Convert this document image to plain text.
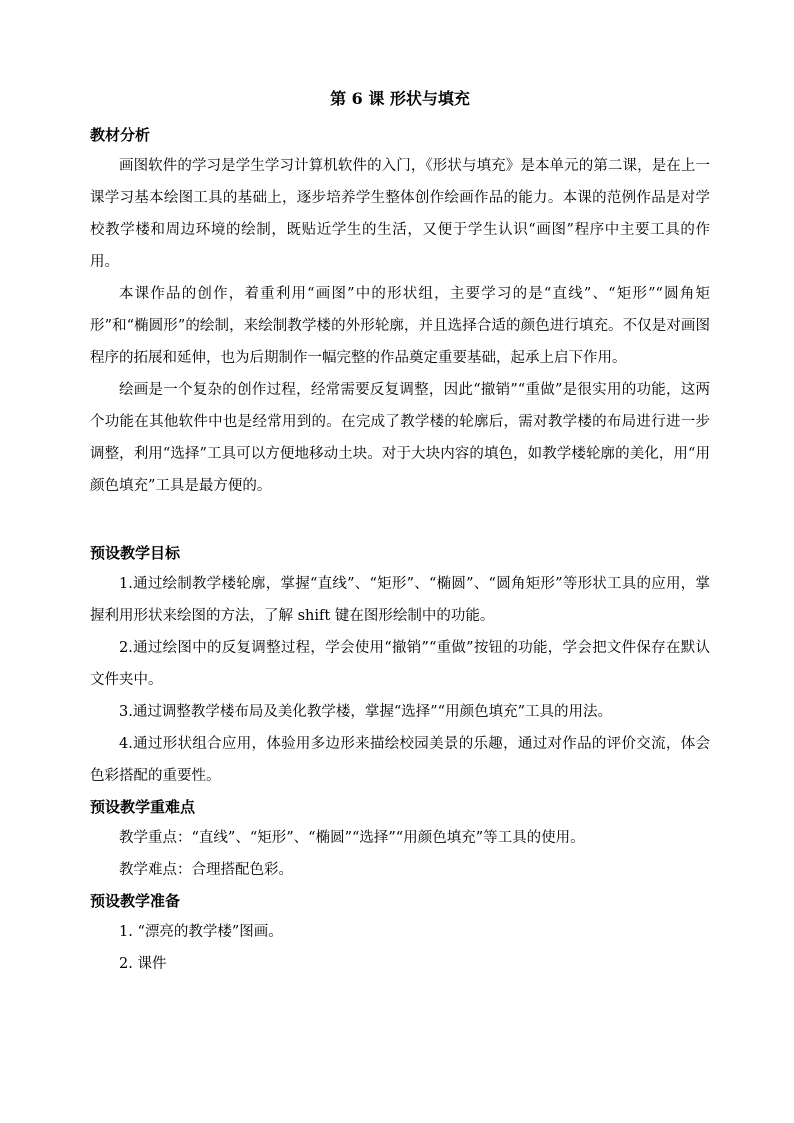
第 6 课 形状与填充
教材分析

画图软件的学习是学生学习计算机软件的入门，《形状与填充》是本单元的第二课，是在上一课学习基本绘图工具的基础上，逐步培养学生整体创作绘画作品的能力。本课的范例作品是对学校教学楼和周边环境的绘制，既贴近学生的生活，又便于学生认识“画图”程序中主要工具的作用。

本课作品的创作，着重利用“画图”中的形状组，主要学习的是“直线”、“矩形”“圆角矩形”和“椭圆形”的绘制，来绘制教学楼的外形轮廓，并且选择合适的颜色进行填充。不仅是对画图程序的拓展和延伸，也为后期制作一幅完整的作品奠定重要基础，起承上启下作用。

绘画是一个复杂的创作过程，经常需要反复调整，因此“撤销”“重做”是很实用的功能，这两个功能在其他软件中也是经常用到的。在完成了教学楼的轮廓后，需对教学楼的布局进行进一步调整，利用“选择”工具可以方便地移动土块。对于大块内容的填色，如教学楼轮廓的美化，用“用颜色填充”工具是最方便的。

预设教学目标

1.通过绘制教学楼轮廓，掌握“直线”、“矩形”、“椭圆”、“圆角矩形”等形状工具的应用，掌握利用形状来绘图的方法，了解 shift 键在图形绘制中的功能。

2.通过绘图中的反复调整过程，学会使用“撤销”“重做”按钮的功能，学会把文件保存在默认文件夹中。

3.通过调整教学楼布局及美化教学楼，掌握“选择”“用颜色填充”工具的用法。

4.通过形状组合应用，体验用多边形来描绘校园美景的乐趣，通过对作品的评价交流，体会色彩搭配的重要性。

预设教学重难点

教学重点：“直线”、“矩形”、“椭圆”“选择”“用颜色填充”等工具的使用。

教学难点：合理搭配色彩。

预设教学准备

1. “漂亮的教学楼”图画。

2. 课件
